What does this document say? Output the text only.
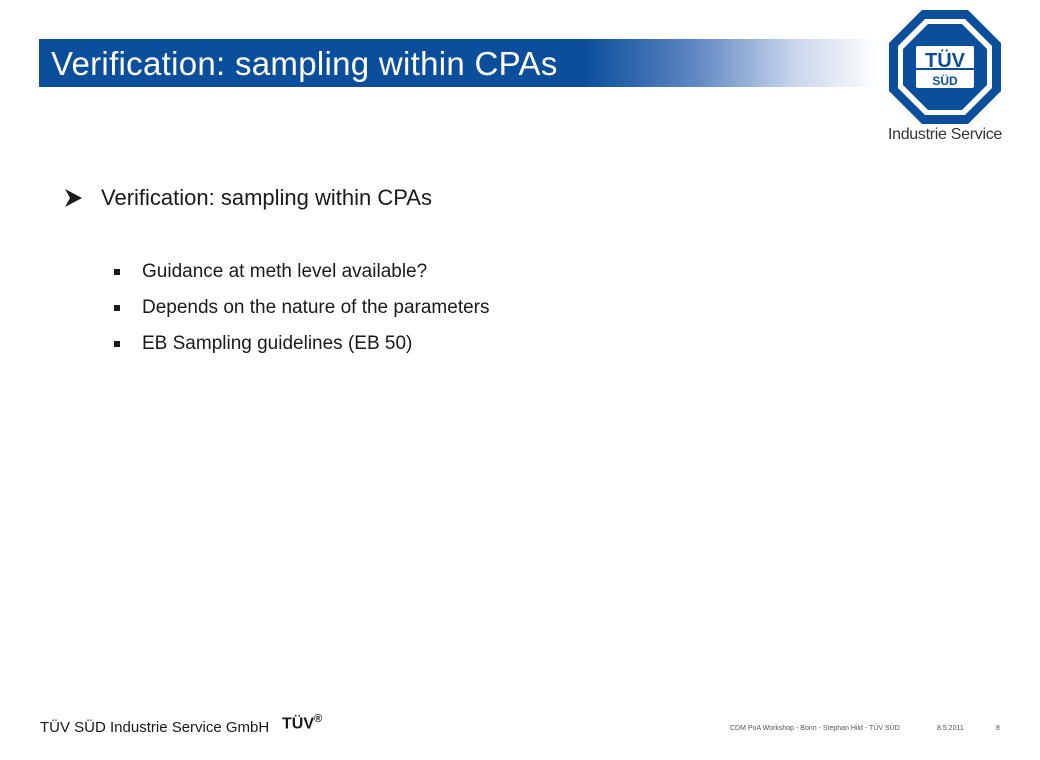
Verification: sampling within CPAs	TÜV
SÜD
Industrie Service
Verification: sampling within CPAs
Guidance at meth level available?
Depends on the nature of the parameters
EB Sampling guidelines (EB 50)
TÜV SÜD Industrie Service GmbH TÜV®
CDM PoA Workshop - Bonn - Stephan Hild - TÜV SÜD	8.5.2011	8
